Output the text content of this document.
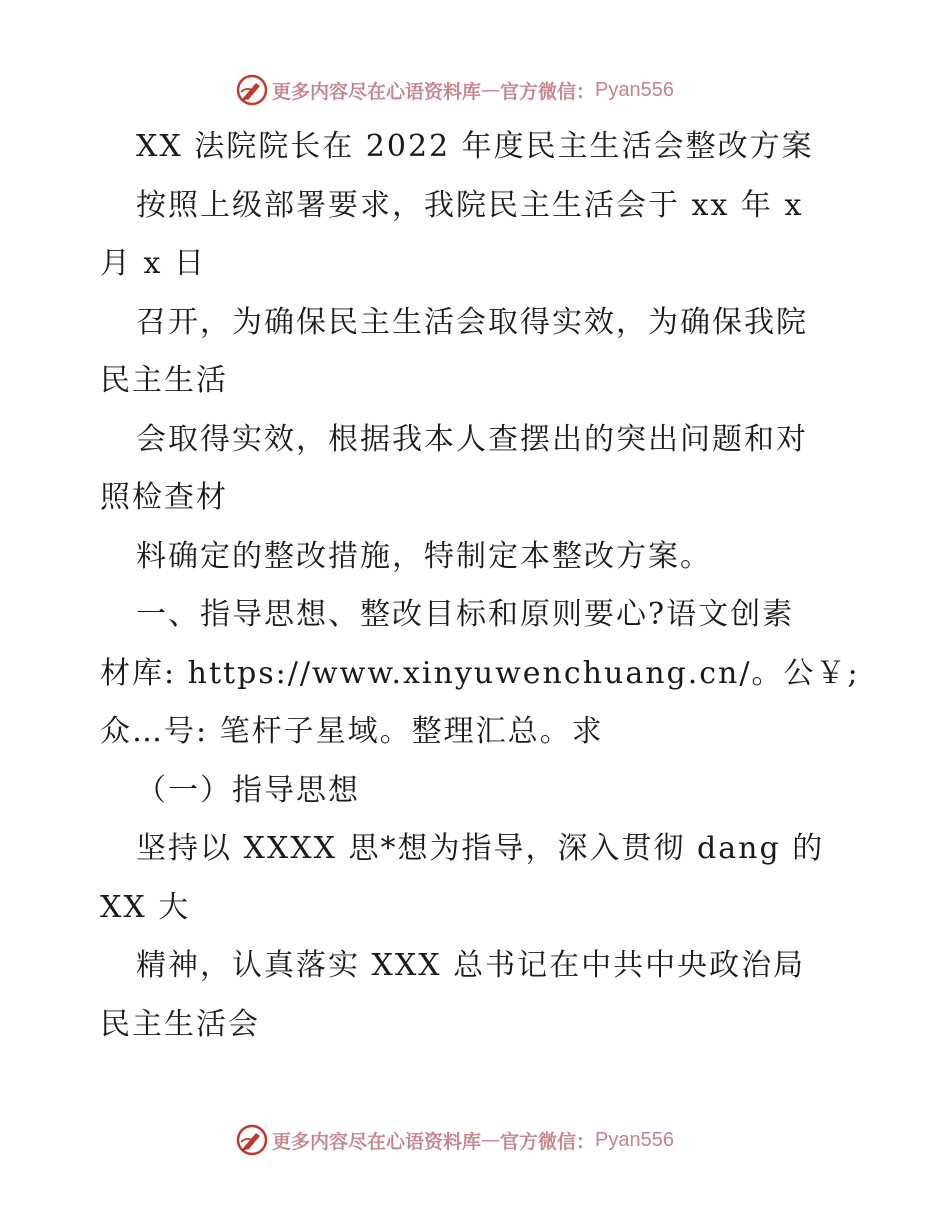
更多内容尽在心语资料库 — 官方微信： Pyan556
XX 法院院长在 2022 年度民主生活会整改方案
按照上级部署要求，我院民主生活会于 xx 年 x
月 x 日
召开，为确保民主生活会取得实效，为确保我院
民主生活
会取得实效，根据我本人查摆出的突出问题和对
照检查材
料确定的整改措施，特制定本整改方案。
一、指导思想、整改目标和原则要心?语文创素
材库: https://www.xinyuwenchuang.cn/。公￥;
众…号: 笔杆子星域。整理汇总。求
（一）指导思想
坚持以 XXXX 思*想为指导，深入贯彻 dang 的
XX 大
精神，认真落实 XXX 总书记在中共中央政治局
民主生活会
更多内容尽在心语资料库 — 官方微信： Pyan556
